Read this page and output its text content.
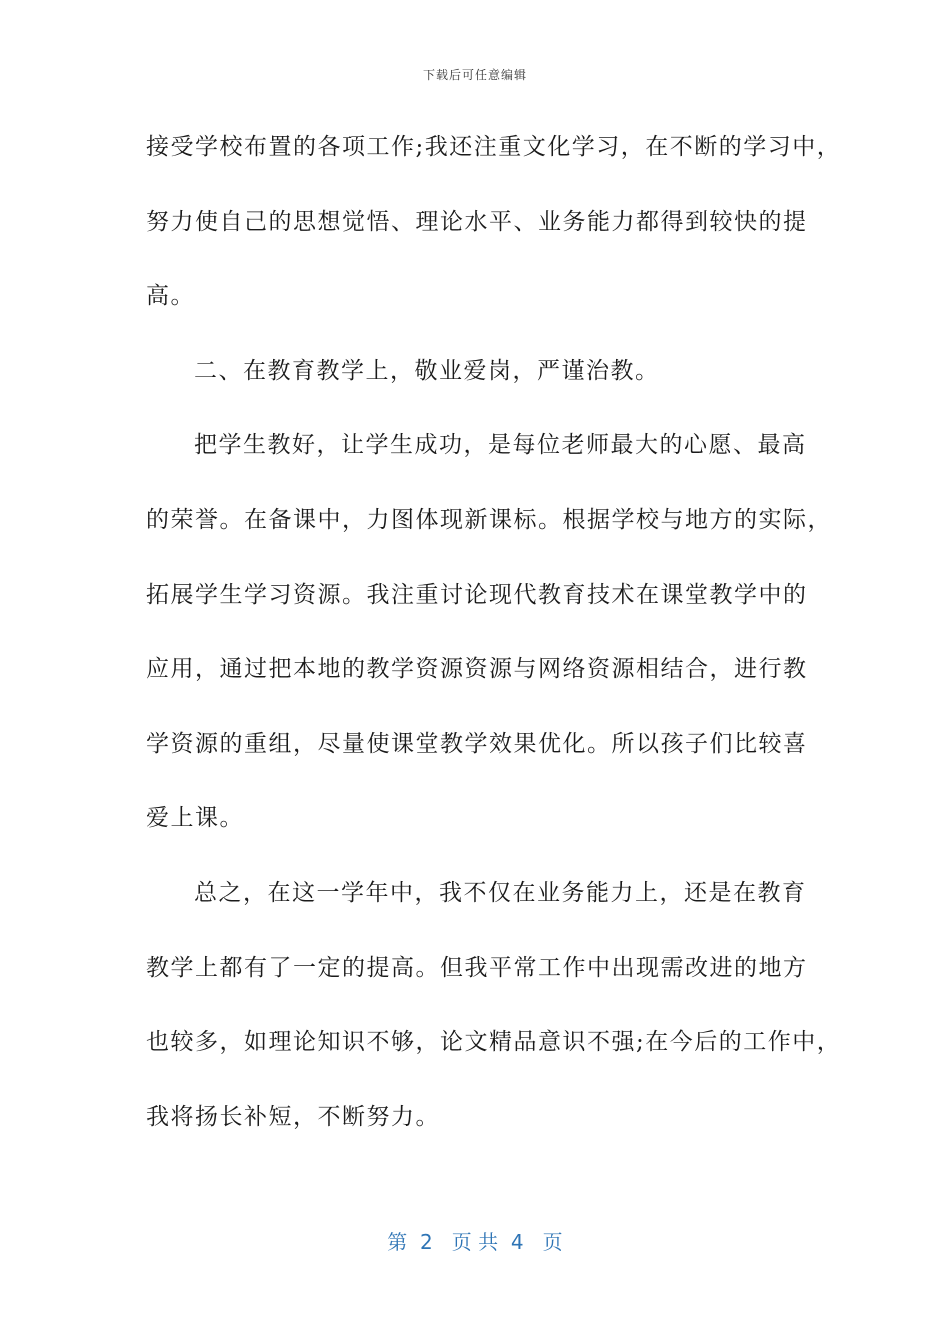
下载后可任意编辑
接受学校布置的各项工作;我还注重文化学习，在不断的学习中，
努力使自己的思想觉悟、理论水平、业务能力都得到较快的提
高。
二、在教育教学上，敬业爱岗，严谨治教。
把学生教好，让学生成功，是每位老师最大的心愿、最高
的荣誉。在备课中，力图体现新课标。根据学校与地方的实际，
拓展学生学习资源。我注重讨论现代教育技术在课堂教学中的
应用，通过把本地的教学资源资源与网络资源相结合，进行教
学资源的重组，尽量使课堂教学效果优化。所以孩子们比较喜
爱上课。
总之，在这一学年中，我不仅在业务能力上，还是在教育
教学上都有了一定的提高。但我平常工作中出现需改进的地方
也较多，如理论知识不够，论文精品意识不强;在今后的工作中，
我将扬长补短，不断努力。
第  2   页 共  4   页
